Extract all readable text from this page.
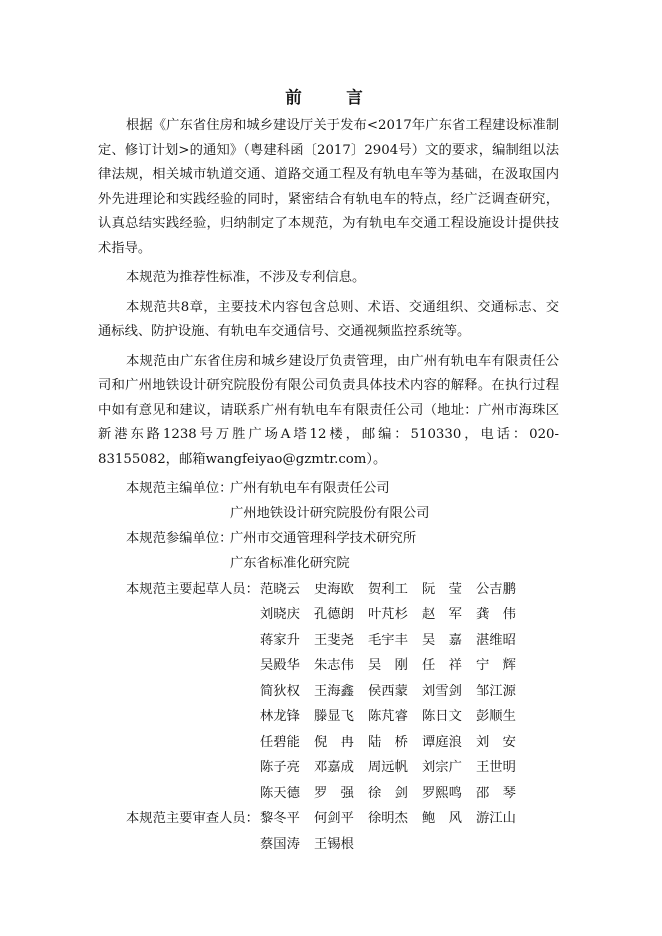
前　言

根据《广东省住房和城乡建设厅关于发布<2017年广东省工程建设标准制定、修订计划>的通知》（粤建科函〔2017〕2904号）文的要求，编制组以法律法规，相关城市轨道交通、道路交通工程及有轨电车等为基础，在汲取国内外先进理论和实践经验的同时，紧密结合有轨电车的特点，经广泛调查研究，认真总结实践经验，归纳制定了本规范，为有轨电车交通工程设施设计提供技术指导。

本规范为推荐性标准，不涉及专利信息。

本规范共8章，主要技术内容包含总则、术语、交通组织、交通标志、交通标线、防护设施、有轨电车交通信号、交通视频监控系统等。

本规范由广东省住房和城乡建设厅负责管理，由广州有轨电车有限责任公司和广州地铁设计研究院股份有限公司负责具体技术内容的解释。在执行过程中如有意见和建议，请联系广州有轨电车有限责任公司（地址：广州市海珠区新港东路1238号万胜广场A塔12楼，邮编：510330，电话：020-83155082，邮箱wangfeiyao@gzmtr.com）。

本规范主编单位：
广州有轨电车有限责任公司
广州地铁设计研究院股份有限公司
本规范参编单位：
广州市交通管理科学技术研究所
广东省标准化研究院
本规范主要起草人员： 范晓云	史海欧	贺利工	阮　莹	公吉鹏
刘晓庆	孔德朗	叶芃杉	赵　军	龚　伟
蒋家升	王斐尧	毛宇丰	吴　嘉	湛维昭
吴殿华	朱志伟	吴　刚	任　祥	宁　辉
简狄权	王海鑫	侯西蒙	刘雪剑	邹江源
林龙锋	滕显飞	陈芃睿	陈日文	彭顺生
任碧能	倪　冉	陆　桥	谭庭浪	刘　安
陈子亮	邓嘉成	周远帆	刘宗广	王世明
陈天德	罗　强	徐　剑	罗熙鸣	邵　琴
本规范主要审查人员： 黎冬平	何剑平	徐明杰	鲍　风	游江山
蔡国涛	王锡根
